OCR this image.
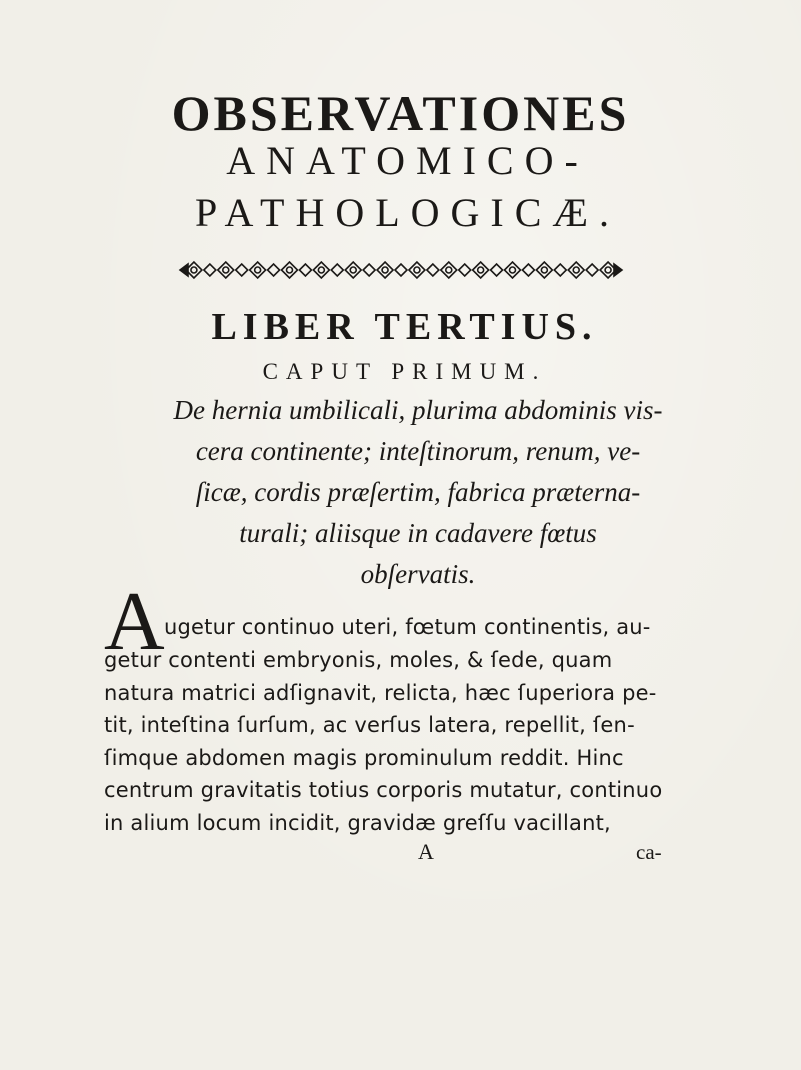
OBSERVATIONES
ANATOMICO-
PATHOLOGICÆ.
LIBER TERTIUS.
CAPUT PRIMUM.
De hernia umbilicali, plurima abdominis vis-
cera continente; inteſtinorum, renum, ve-
ſicæ, cordis præſertim, fabrica præterna-
turali; aliisque in cadavere fœtus
obſervatis.
A ugetur continuo uteri, fœtum continentis, au-
getur contenti embryonis, moles, & ſede, quam
natura matrici adſignavit, relicta, hæc ſuperiora pe-
tit, inteſtina ſurſum, ac verſus latera, repellit, ſen-
ſimque abdomen magis prominulum reddit. Hinc
centrum gravitatis totius corporis mutatur, continuo
in alium locum incidit, gravidæ greſſu vacillant,
A	ca-
